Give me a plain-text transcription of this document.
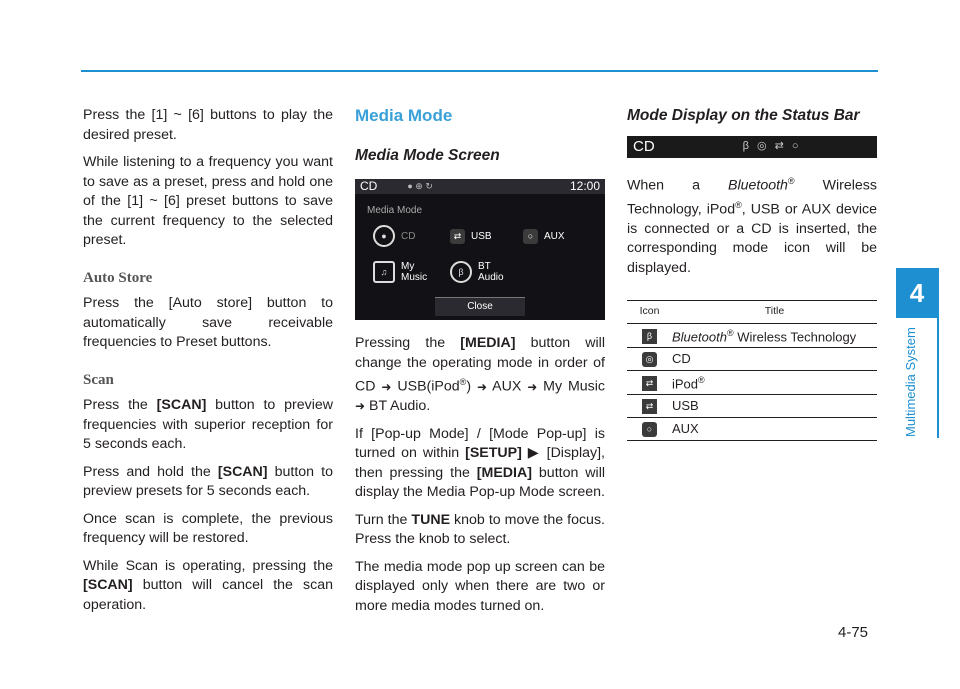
4
Multimedia System
4-75

Press the [1] ~ [6] buttons to play the desired preset.

While listening to a frequency you want to save as a preset, press and hold one of the [1] ~ [6] preset buttons to save the current frequency to the selected preset.

Auto Store

Press the [Auto store] button to automatically save receivable frequencies to Preset buttons.

Scan

Press the [SCAN] button to preview frequencies with superior reception for 5 seconds each.

Press and hold the [SCAN] button to preview presets for 5 seconds each.

Once scan is complete, the previous frequency will be restored.

While Scan is operating, pressing the [SCAN] button will cancel the scan operation.

Media Mode
Media Mode Screen
CD	● ⊕ ↻	12:00
Media Mode
●	CD	⇄ USB	○	AUX
♫	My Music
β	BT Audio
Close

Pressing the [MEDIA] button will change the operating mode in order of CD ➜ USB(iPod®) ➜ AUX ➜ My Music ➜ BT Audio.

If [Pop-up Mode] / [Mode Pop-up] is turned on within [SETUP] ▶ [Display], then pressing the [MEDIA] button will display the Media Pop-up Mode screen.

Turn the TUNE knob to move the focus. Press the knob to select.

The media mode pop up screen can be displayed only when there are two or more media modes turned on.

Mode Display on the Status Bar
CD	β ◎ ⇄ ○

When a Bluetooth® Wireless Technology, iPod®, USB or AUX device is connected or a CD is inserted, the corresponding mode icon will be displayed.

Icon	Title
β	Bluetooth® Wireless Technology
◎	CD
⇄	iPod®
⇄	USB
○	AUX
